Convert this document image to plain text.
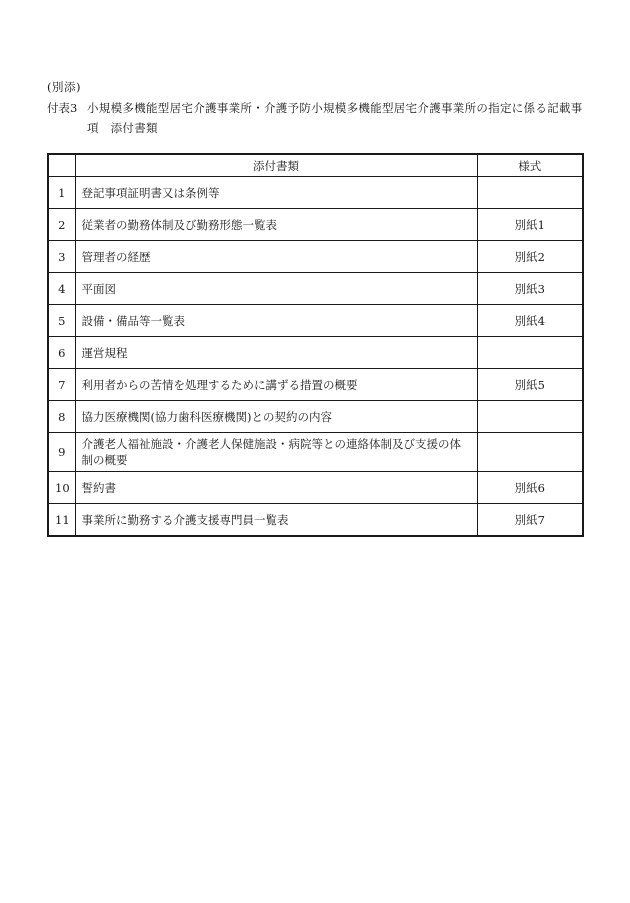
(別添)
付表3 小規模多機能型居宅介護事業所・介護予防小規模多機能型居宅介護事業所の指定に係る記載事
項　添付書類
	添付書類	様式
1	登記事項証明書又は条例等	
2	従業者の勤務体制及び勤務形態一覧表	別紙1
3	管理者の経歴	別紙2
4	平面図	別紙3
5	設備・備品等一覧表	別紙4
6	運営規程	
7	利用者からの苦情を処理するために講ずる措置の概要	別紙5
8	協力医療機関(協力歯科医療機関)との契約の内容	
9	介護老人福祉施設・介護老人保健施設・病院等との連絡体制及び支援の体制の概要	
10	誓約書	別紙6
11	事業所に勤務する介護支援専門員一覧表	別紙7
